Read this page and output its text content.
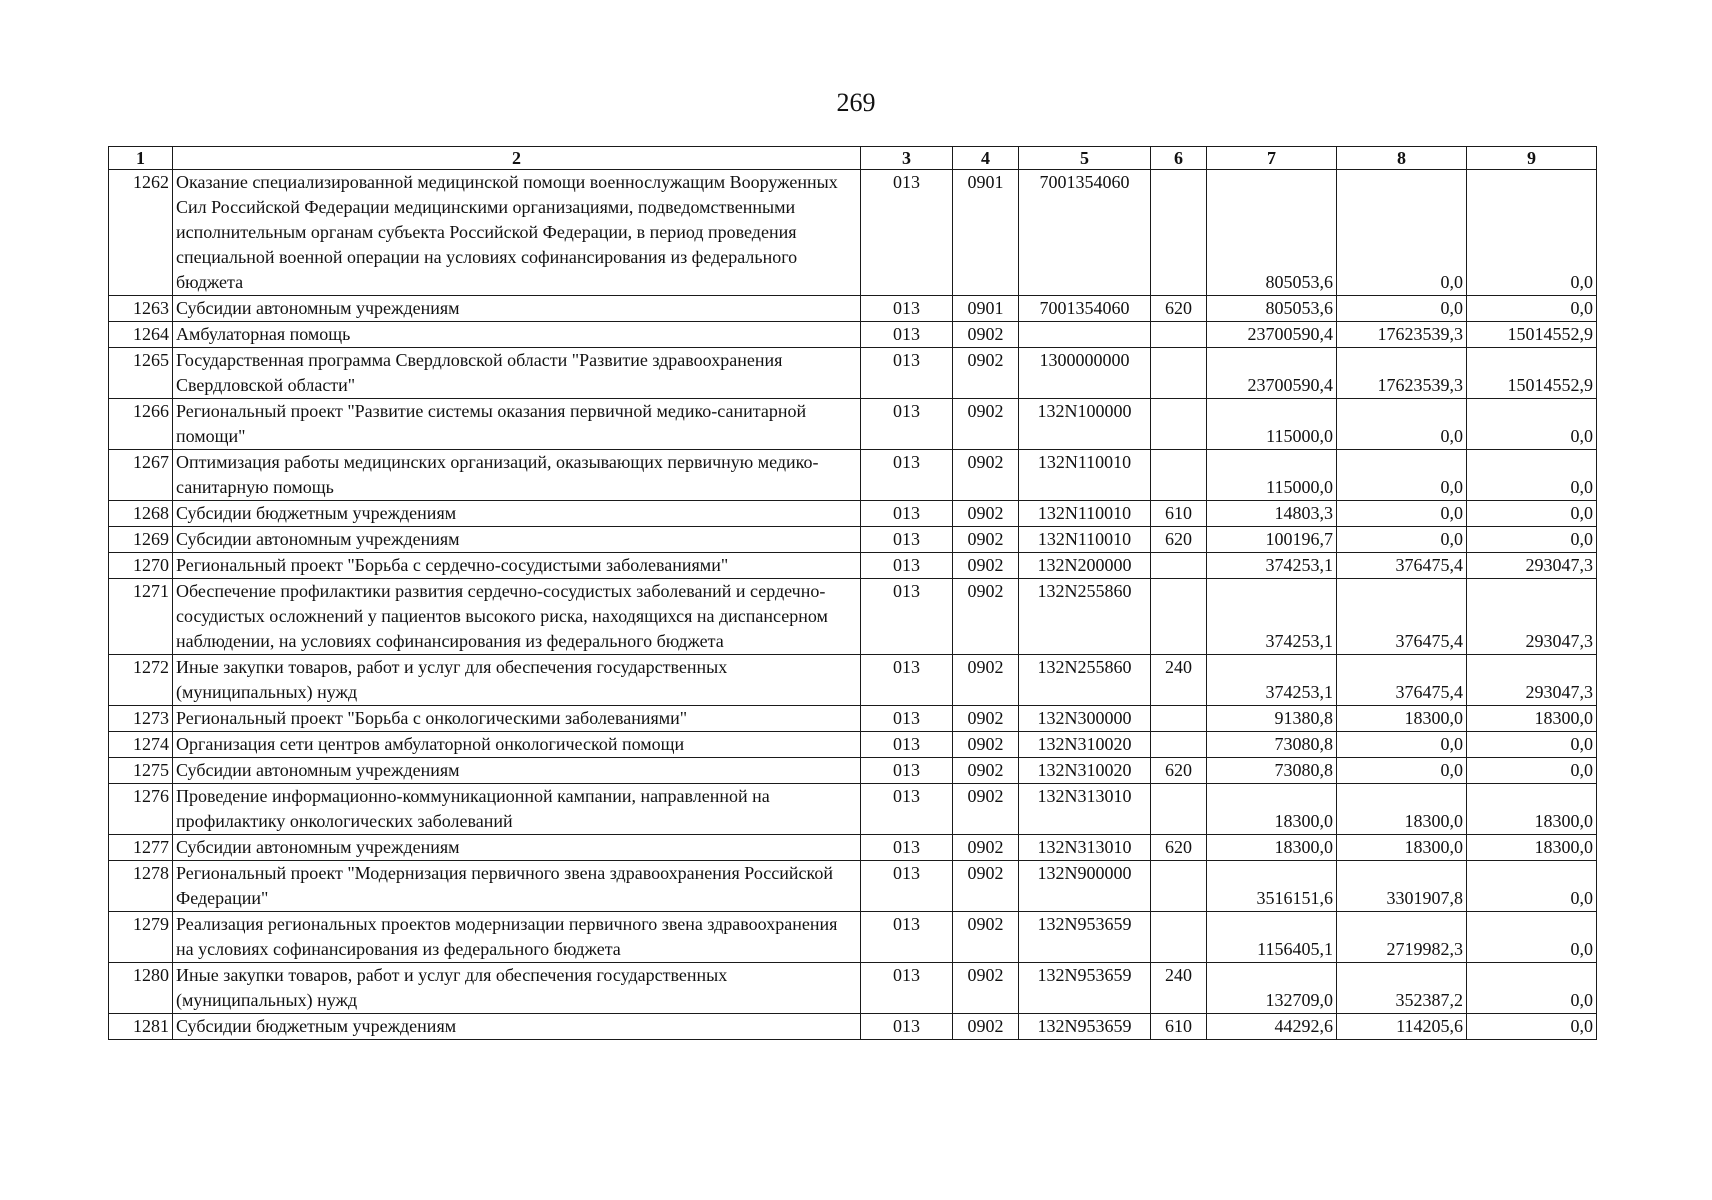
269
1	2	3	4	5	6	7	8	9
1262	Оказание специализированной медицинской помощи военнослужащим Вооруженных Сил Российской Федерации медицинскими организациями, подведомственными исполнительным органам субъекта Российской Федерации, в период проведения специальной военной операции на условиях софинансирования из федерального бюджета	013	0901	7001354060		805053,6	0,0	0,0
1263	Субсидии автономным учреждениям	013	0901	7001354060	620	805053,6	0,0	0,0
1264	Амбулаторная помощь	013	0902			23700590,4	17623539,3	15014552,9
1265	Государственная программа Свердловской области "Развитие здравоохранения Свердловской области"	013	0902	1300000000		23700590,4	17623539,3	15014552,9
1266	Региональный проект "Развитие системы оказания первичной медико-санитарной помощи"	013	0902	132N100000		115000,0	0,0	0,0
1267	Оптимизация работы медицинских организаций, оказывающих первичную медико-санитарную помощь	013	0902	132N110010		115000,0	0,0	0,0
1268	Субсидии бюджетным учреждениям	013	0902	132N110010	610	14803,3	0,0	0,0
1269	Субсидии автономным учреждениям	013	0902	132N110010	620	100196,7	0,0	0,0
1270	Региональный проект "Борьба с сердечно-сосудистыми заболеваниями"	013	0902	132N200000		374253,1	376475,4	293047,3
1271	Обеспечение профилактики развития сердечно-сосудистых заболеваний и сердечно-сосудистых осложнений у пациентов высокого риска, находящихся на диспансерном наблюдении, на условиях софинансирования из федерального бюджета	013	0902	132N255860		374253,1	376475,4	293047,3
1272	Иные закупки товаров, работ и услуг для обеспечения государственных (муниципальных) нужд	013	0902	132N255860	240	374253,1	376475,4	293047,3
1273	Региональный проект "Борьба с онкологическими заболеваниями"	013	0902	132N300000		91380,8	18300,0	18300,0
1274	Организация сети центров амбулаторной онкологической помощи	013	0902	132N310020		73080,8	0,0	0,0
1275	Субсидии автономным учреждениям	013	0902	132N310020	620	73080,8	0,0	0,0
1276	Проведение информационно-коммуникационной кампании, направленной на профилактику онкологических заболеваний	013	0902	132N313010		18300,0	18300,0	18300,0
1277	Субсидии автономным учреждениям	013	0902	132N313010	620	18300,0	18300,0	18300,0
1278	Региональный проект "Модернизация первичного звена здравоохранения Российской Федерации"	013	0902	132N900000		3516151,6	3301907,8	0,0
1279	Реализация региональных проектов модернизации первичного звена здравоохранения на условиях софинансирования из федерального бюджета	013	0902	132N953659		1156405,1	2719982,3	0,0
1280	Иные закупки товаров, работ и услуг для обеспечения государственных (муниципальных) нужд	013	0902	132N953659	240	132709,0	352387,2	0,0
1281	Субсидии бюджетным учреждениям	013	0902	132N953659	610	44292,6	114205,6	0,0
